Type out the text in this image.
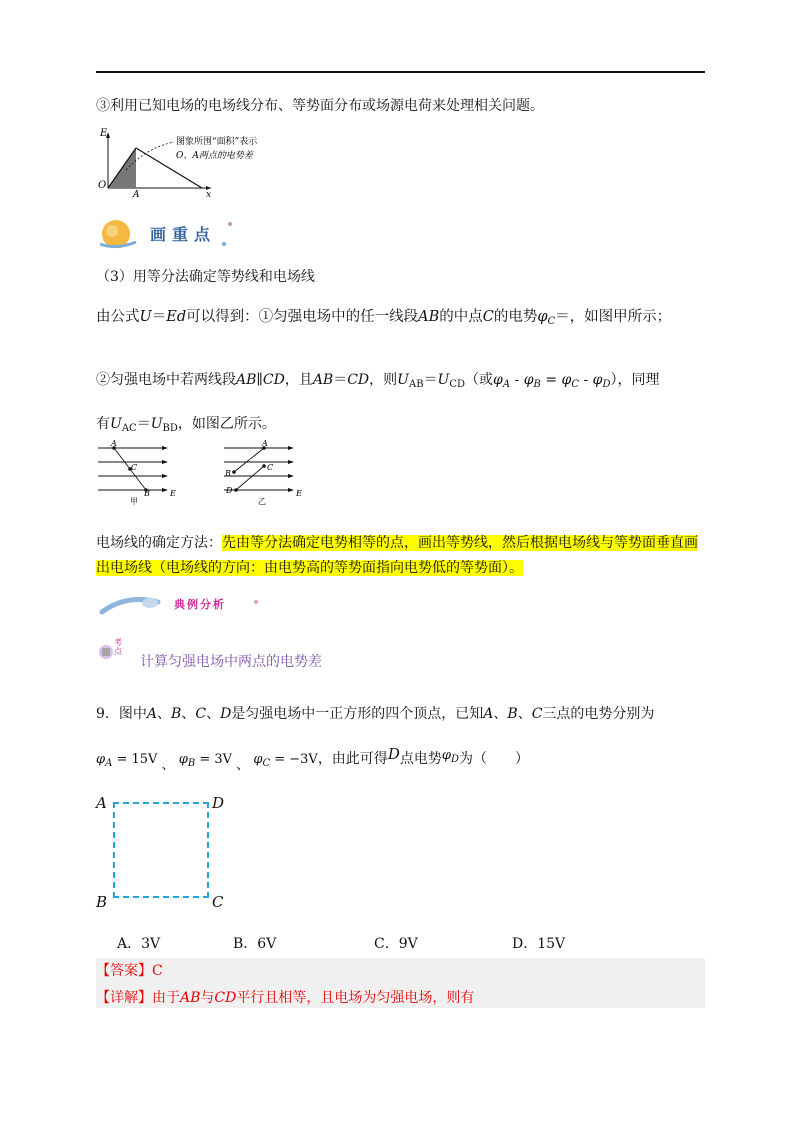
③利用已知电场的电场线分布、等势面分布或场源电荷来处理相关问题。
E
O
A	x
图象所围“面积”表示
O、A两点的电势差
画重点
（3）用等分法确定等势线和电场线
由公式U＝Ed可以得到：①匀强电场中的任一线段AB的中点C的电势$\varphi_C=$，如图甲所示；
②匀强电场中若两线段AB∥CD，且AB＝CD，则$U_{AB}=U_{CD}$（或$\varphi_A - \varphi_B = \varphi_C - \varphi_D$），同理
有$U_{AC}=U_{BD}$，如图乙所示。
A
C
B	E
甲
A
B
C
D	E
乙
电场线的确定方法：先由等分法确定电势相等的点，画出等势线，然后根据电场线与等势面垂直画
出电场线（电场线的方向：由电势高的等势面指向电势低的等势面）。
典例分析
考点
计算匀强电场中两点的电势差
9．图中A、B、C、D是匀强电场中一正方形的四个顶点，已知A、B、C三点的电势分别为
$\varphi_A = 15V$ 、 $\varphi_B = 3V$ 、 $\varphi_C = -3V$，由此可得D点电势$\varphi_D$为（　　）
A	D
B	C
A．3V	B．6V	C．9V	D．15V
【答案】C
【详解】由于AB与CD平行且相等，且电场为匀强电场，则有
